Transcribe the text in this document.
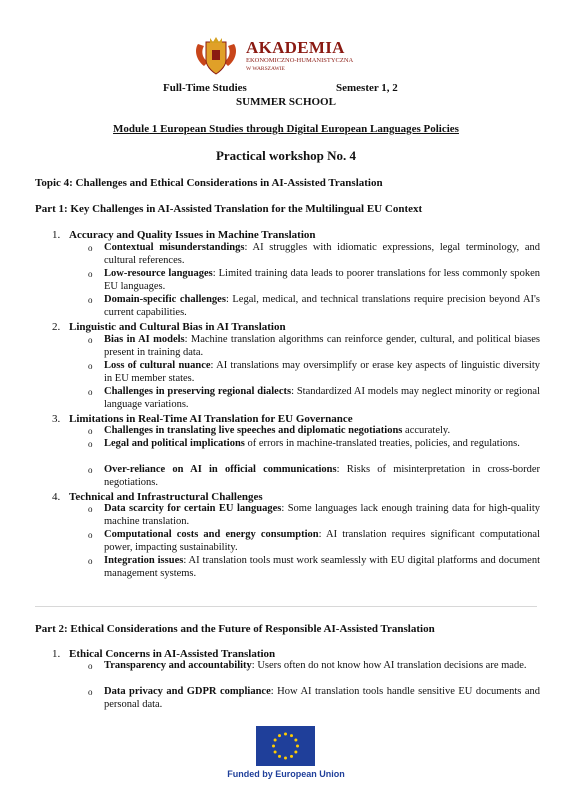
AKADEMIA
EKONOMICZNO-HUMANISTYCZNA
W WARSZAWIE
Full-Time Studies	Semester 1, 2
SUMMER SCHOOL
Module 1 European Studies through Digital European Languages Policies
Practical workshop No. 4
Topic 4: Challenges and Ethical Considerations in AI-Assisted Translation
Part 1: Key Challenges in AI-Assisted Translation for the Multilingual EU Context
1. Accuracy and Quality Issues in Machine Translation
o Contextual misunderstandings: AI struggles with idiomatic expressions, legal terminology, and cultural references.
o Low-resource languages: Limited training data leads to poorer translations for less commonly spoken EU languages.
o Domain-specific challenges: Legal, medical, and technical translations require precision beyond AI's current capabilities.
2. Linguistic and Cultural Bias in AI Translation
o Bias in AI models: Machine translation algorithms can reinforce gender, cultural, and political biases present in training data.
o Loss of cultural nuance: AI translations may oversimplify or erase key aspects of linguistic diversity in EU member states.
o Challenges in preserving regional dialects: Standardized AI models may neglect minority or regional language variations.
3. Limitations in Real-Time AI Translation for EU Governance
o Challenges in translating live speeches and diplomatic negotiations accurately.
o Legal and political implications of errors in machine-translated treaties, policies, and regulations.
o Over-reliance on AI in official communications: Risks of misinterpretation in cross-border negotiations.
4. Technical and Infrastructural Challenges
o Data scarcity for certain EU languages: Some languages lack enough training data for high-quality machine translation.
o Computational costs and energy consumption: AI translation requires significant computational power, impacting sustainability.
o Integration issues: AI translation tools must work seamlessly with EU digital platforms and document management systems.
Part 2: Ethical Considerations and the Future of Responsible AI-Assisted Translation
1. Ethical Concerns in AI-Assisted Translation
o Transparency and accountability: Users often do not know how AI translation decisions are made.
o Data privacy and GDPR compliance: How AI translation tools handle sensitive EU documents and personal data.
Funded by European Union
